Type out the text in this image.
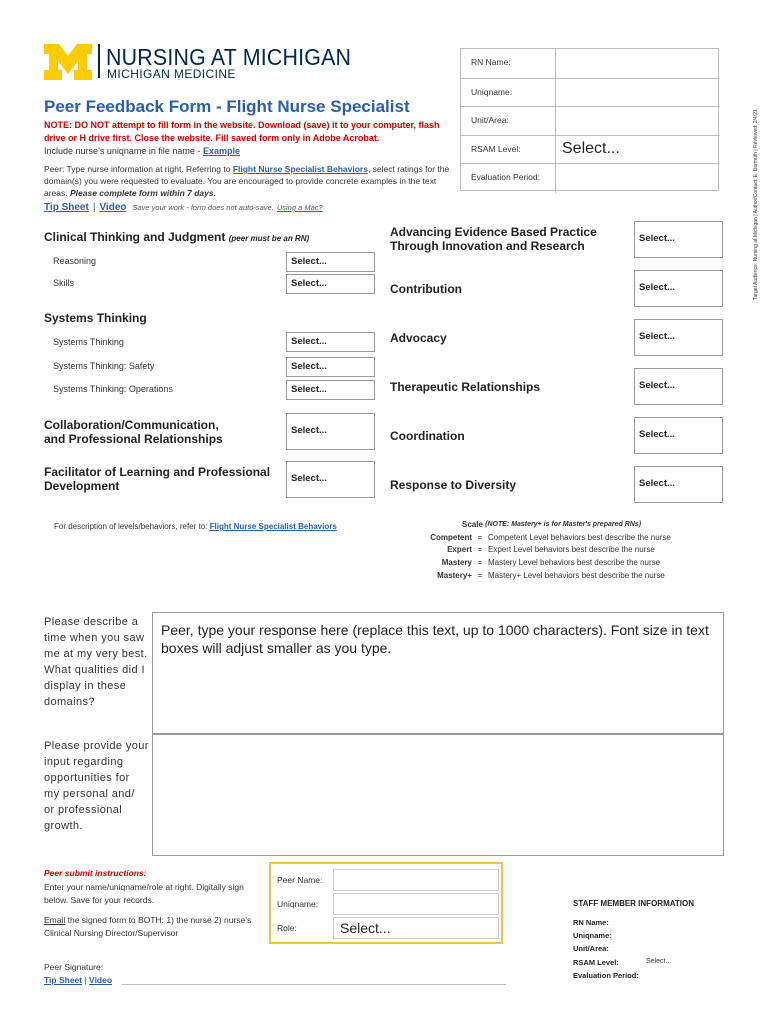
NURSING AT MICHIGAN
MICHIGAN MEDICINE
Peer Feedback Form - Flight Nurse Specialist
NOTE: DO NOT attempt to fill form in the website. Download (save) it to your computer, flash drive or H drive first. Close the website. Fill saved form only in Adobe Acrobat.
Include nurse’s uniqname in file name - Example
Peer: Type nurse information at right. Referring to Flight Nurse Specialist Behaviors, select ratings for the domain(s) you were requested to evaluate. You are encouraged to provide concrete examples in the text areas. Please complete form within 7 days.
Tip Sheet | Video Save your work - form does not auto-save. Using a Mac?
RN Name:
Uniqname:
Unit/Area:
RSAM Level:	Select...
Evaluation Period:	Target Audience: Nursing at Michigan | Author/Contact: E. Dormuth | Reviewed: 2/4/21
Clinical Thinking and Judgment (peer must be an RN)
Reasoning	Select...
Skills	Select...
Systems Thinking
Systems Thinking	Select...
Systems Thinking: Safety	Select...
Systems Thinking: Operations	Select...
Collaboration/Communication,
and Professional Relationships
Select...
Facilitator of Learning and Professional
Development
Select...
Advancing Evidence Based Practice
Through Innovation and Research
Select...
Contribution	Select...
Advocacy	Select...
Therapeutic Relationships	Select...
Coordination	Select...
Response to Diversity	Select...
For description of levels/behaviors, refer to: Flight Nurse Specialist Behaviors	Scale
(NOTE: Mastery+ is for Master's prepared RNs)
Competent = Competent Level behaviors best describe the nurse
Expert = Expert Level behaviors best describe the nurse
Mastery = Mastery Level behaviors best describe the nurse
Mastery+ = Mastery+ Level behaviors best describe the nurse
Please describe a
time when you saw
me at my very best.
What qualities did I
display in these
domains?
Peer, type your response here (replace this text, up to 1000 characters). Font size in text boxes will adjust smaller as you type.
Please provide your
input regarding
opportunities for
my personal and/
or professional
growth.
Peer submit instructions:
Enter your name/uniqname/role at right. Digitally sign below. Save for your records.
Email the signed form to BOTH: 1) the nurse 2) nurse’s Clinical Nursing Director/Supervisor
Peer Name:
Uniqname:
Role:	Select...
Peer Signature:
Tip Sheet | Video
STAFF MEMBER INFORMATION
RN Name:
Uniqname:
Unit/Area:
RSAM Level:	Select...
Evaluation Period:
